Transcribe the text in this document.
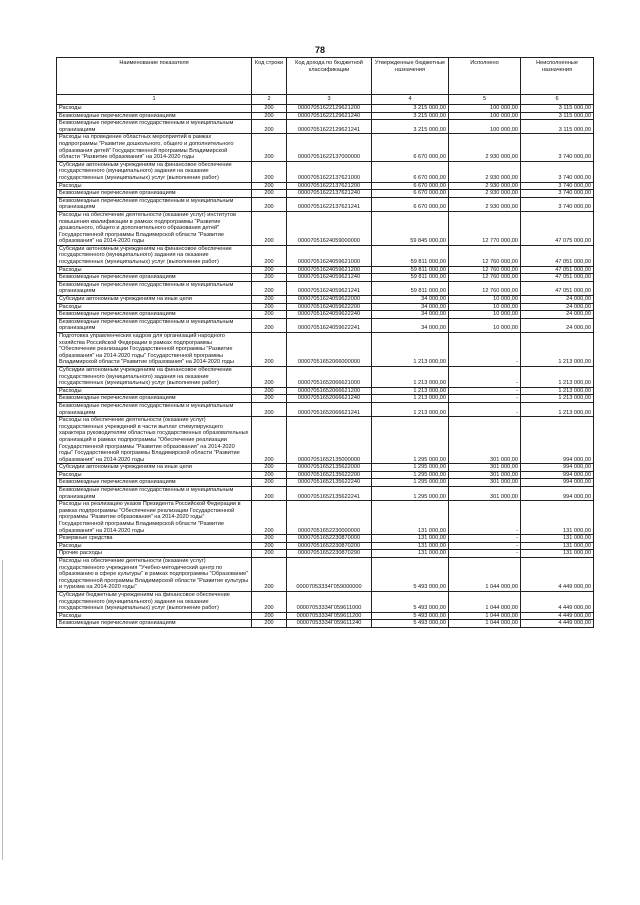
78
Наименование показателя	Код строки	Код дохода по бюджетной классификации	Утвержденные бюджетные назначения	Исполнено	Неисполненные назначения
1	2	3	4	5	6
Расходы	200	00007051622129621200	3 215 000,00	100 000,00	3 115 000,00
Безвозмездные перечисления организациям	200	00007051622129621240	3 215 000,00	100 000,00	3 115 000,00
Безвозмездные перечисления государственным и муниципальным организациям	200	00007051622129621241	3 215 000,00	100 000,00	3 115 000,00
Расходы на проведение областных мероприятий в рамках подпрограммы "Развитие дошкольного, общего и дополнительного образования детей" Государственной программы Владимирской области "Развитие образования" на 2014-2020 годы	200	00007051622137000000	6 670 000,00	2 930 000,00	3 740 000,00
Субсидии автономным учреждениям на финансовое обеспечение государственного (муниципального) задания на оказание государственных (муниципальных) услуг (выполнение работ)	200	00007051622137621000	6 670 000,00	2 930 000,00	3 740 000,00
Расходы	200	00007051622137621200	6 670 000,00	2 930 000,00	3 740 000,00
Безвозмездные перечисления организациям	200	00007051622137621240	6 670 000,00	2 930 000,00	3 740 000,00
Безвозмездные перечисления государственным и муниципальным организациям	200	00007051622137621241	6 670 000,00	2 930 000,00	3 740 000,00
Расходы на обеспечение деятельности (оказание услуг) институтов повышения квалификации в рамках подпрограммы "Развитие дошкольного, общего и дополнительного образования детей" Государственной программы Владимирской области "Развитие образования" на 2014-2020 годы	200	00007051624059000000	59 845 000,00	12 770 000,00	47 075 000,00
Субсидии автономным учреждениям на финансовое обеспечение государственного (муниципального) задания на оказание государственных (муниципальных) услуг (выполнение работ)	200	00007051624059621000	59 811 000,00	12 760 000,00	47 051 000,00
Расходы	200	00007051624059621200	59 811 000,00	12 760 000,00	47 051 000,00
Безвозмездные перечисления организациям	200	00007051624059621240	59 811 000,00	12 760 000,00	47 051 000,00
Безвозмездные перечисления государственным и муниципальным организациям	200	00007051624059621241	59 811 000,00	12 760 000,00	47 051 000,00
Субсидии автономным учреждениям на иные цели	200	00007051624059622000	34 000,00	10 000,00	24 000,00
Расходы	200	00007051624059622200	34 000,00	10 000,00	24 000,00
Безвозмездные перечисления организациям	200	00007051624059622240	34 000,00	10 000,00	24 000,00
Безвозмездные перечисления государственным и муниципальным организациям	200	00007051624059622241	34 000,00	10 000,00	24 000,00
Подготовка управленческих кадров для организаций народного хозяйства Российской Федерации в рамках подпрограммы "Обеспечение реализации Государственной программы "Развитие образования" на 2014-2020 годы" Государственной программы Владимирской области "Развитие образования" на 2014-2020 годы	200	00007051652066000000	1 213 000,00	-	1 213 000,00
Субсидии автономным учреждениям на финансовое обеспечение государственного (муниципального) задания на оказание государственных (муниципальных) услуг (выполнение работ)	200	00007051652066621000	1 213 000,00	-	1 213 000,00
Расходы	200	00007051652066621200	1 213 000,00	-	1 213 000,00
Безвозмездные перечисления организациям	200	00007051652066621240	1 213 000,00	-	1 213 000,00
Безвозмездные перечисления государственным и муниципальным организациям	200	00007051652066621241	1 213 000,00	-	1 213 000,00
Расходы на обеспечение деятельности (оказание услуг) государственных учреждений в части выплат стимулирующего характера руководителям областных государственных образовательных организаций в рамках подпрограммы "Обеспечение реализации Государственной программы "Развитие образования" на 2014-2020 годы" Государственной программы Владимирской области "Развитие образования" на 2014-2020 годы	200	00007051652135000000	1 295 000,00	301 000,00	994 000,00
Субсидии автономным учреждениям на иные цели	200	00007051652135622000	1 295 000,00	301 000,00	994 000,00
Расходы	200	00007051652135622200	1 295 000,00	301 000,00	994 000,00
Безвозмездные перечисления организациям	200	00007051652135622240	1 295 000,00	301 000,00	994 000,00
Безвозмездные перечисления государственным и муниципальным организациям	200	00007051652135622241	1 295 000,00	301 000,00	994 000,00
Расходы на реализацию указов Президента Российской Федерации в рамках подпрограммы "Обеспечение реализации Государственной программы "Развитие образования" на 2014-2020 годы" Государственной программы Владимирской области "Развитие образования" на 2014-2020 годы	200	00007051652230000000	131 000,00	-	131 000,00
Резервные средства	200	00007051652230870000	131 000,00	-	131 000,00
Расходы	200	00007051652230870200	131 000,00	-	131 000,00
Прочие расходы	200	00007051652230870290	131 000,00	-	131 000,00
Расходы на обеспечение деятельности (оказание услуг) государственного учреждения "Учебно-методический центр по образованию в сфере культуры" в рамках подпрограммы "Образование" государственной программы Владимирской области "Развитие культуры и туризма на 2014-2020 годы"	200	00007053334Г059000000	5 493 000,00	1 044 000,00	4 449 000,00
Субсидии бюджетным учреждениям на финансовое обеспечение государственного (муниципального) задания на оказание государственных (муниципальных) услуг (выполнение работ)	200	00007053334Г059611000	5 493 000,00	1 044 000,00	4 449 000,00
Расходы	200	00007053334Г059611200	5 493 000,00	1 044 000,00	4 449 000,00
Безвозмездные перечисления организациям	200	00007053334Г059611240	5 493 000,00	1 044 000,00	4 449 000,00
